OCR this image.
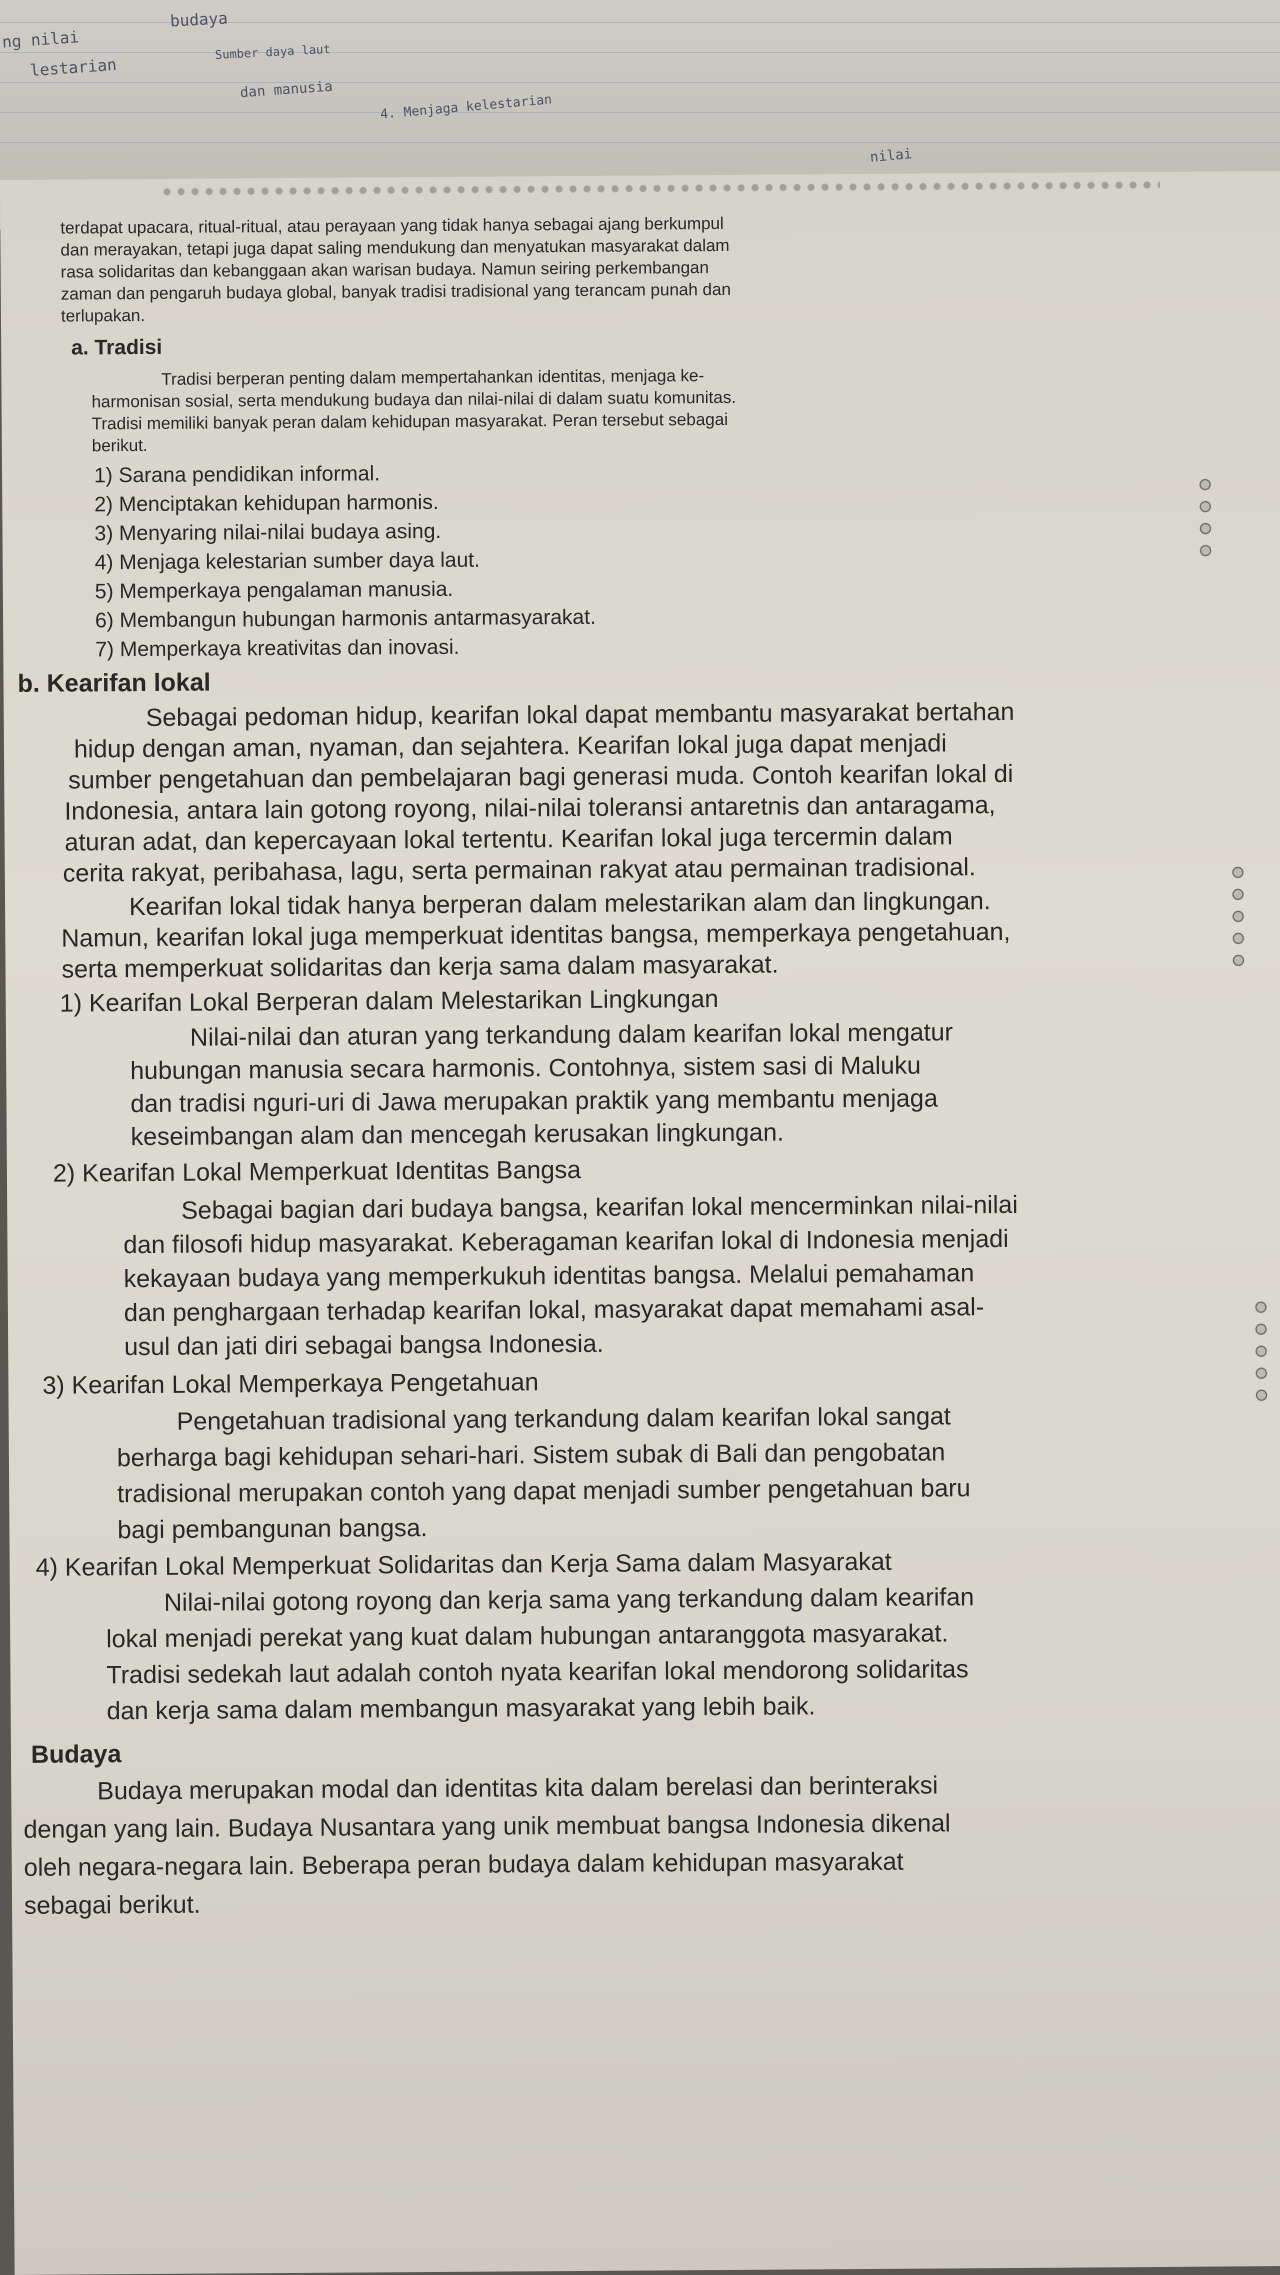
ng nilai
budaya
lestarian
Sumber daya laut
dan manusia
4. Menjaga kelestarian
nilai
terdapat upacara, ritual-ritual, atau perayaan yang tidak hanya sebagai ajang berkumpul
dan merayakan, tetapi juga dapat saling mendukung dan menyatukan masyarakat dalam
rasa solidaritas dan kebanggaan akan warisan budaya. Namun seiring perkembangan
zaman dan pengaruh budaya global, banyak tradisi tradisional yang terancam punah dan
terlupakan.
a. Tradisi
Tradisi berperan penting dalam mempertahankan identitas, menjaga ke-
harmonisan sosial, serta mendukung budaya dan nilai-nilai di dalam suatu komunitas.
Tradisi memiliki banyak peran dalam kehidupan masyarakat. Peran tersebut sebagai
berikut.
1) Sarana pendidikan informal.
2) Menciptakan kehidupan harmonis.
3) Menyaring nilai-nilai budaya asing.
4) Menjaga kelestarian sumber daya laut.
5) Memperkaya pengalaman manusia.
6) Membangun hubungan harmonis antarmasyarakat.
7) Memperkaya kreativitas dan inovasi.
b. Kearifan lokal
Sebagai pedoman hidup, kearifan lokal dapat membantu masyarakat bertahan
hidup dengan aman, nyaman, dan sejahtera. Kearifan lokal juga dapat menjadi
sumber pengetahuan dan pembelajaran bagi generasi muda. Contoh kearifan lokal di
Indonesia, antara lain gotong royong, nilai-nilai toleransi antaretnis dan antaragama,
aturan adat, dan kepercayaan lokal tertentu. Kearifan lokal juga tercermin dalam
cerita rakyat, peribahasa, lagu, serta permainan rakyat atau permainan tradisional.
Kearifan lokal tidak hanya berperan dalam melestarikan alam dan lingkungan.
Namun, kearifan lokal juga memperkuat identitas bangsa, memperkaya pengetahuan,
serta memperkuat solidaritas dan kerja sama dalam masyarakat.
1) Kearifan Lokal Berperan dalam Melestarikan Lingkungan
Nilai-nilai dan aturan yang terkandung dalam kearifan lokal mengatur
hubungan manusia secara harmonis. Contohnya, sistem sasi di Maluku
dan tradisi nguri-uri di Jawa merupakan praktik yang membantu menjaga
keseimbangan alam dan mencegah kerusakan lingkungan.
2) Kearifan Lokal Memperkuat Identitas Bangsa
Sebagai bagian dari budaya bangsa, kearifan lokal mencerminkan nilai-nilai
dan filosofi hidup masyarakat. Keberagaman kearifan lokal di Indonesia menjadi
kekayaan budaya yang memperkukuh identitas bangsa. Melalui pemahaman
dan penghargaan terhadap kearifan lokal, masyarakat dapat memahami asal-
usul dan jati diri sebagai bangsa Indonesia.
3) Kearifan Lokal Memperkaya Pengetahuan
Pengetahuan tradisional yang terkandung dalam kearifan lokal sangat
berharga bagi kehidupan sehari-hari. Sistem subak di Bali dan pengobatan
tradisional merupakan contoh yang dapat menjadi sumber pengetahuan baru
bagi pembangunan bangsa.
4) Kearifan Lokal Memperkuat Solidaritas dan Kerja Sama dalam Masyarakat
Nilai-nilai gotong royong dan kerja sama yang terkandung dalam kearifan
lokal menjadi perekat yang kuat dalam hubungan antaranggota masyarakat.
Tradisi sedekah laut adalah contoh nyata kearifan lokal mendorong solidaritas
dan kerja sama dalam membangun masyarakat yang lebih baik.
Budaya
Budaya merupakan modal dan identitas kita dalam berelasi dan berinteraksi
dengan yang lain. Budaya Nusantara yang unik membuat bangsa Indonesia dikenal
oleh negara-negara lain. Beberapa peran budaya dalam kehidupan masyarakat
sebagai berikut.
